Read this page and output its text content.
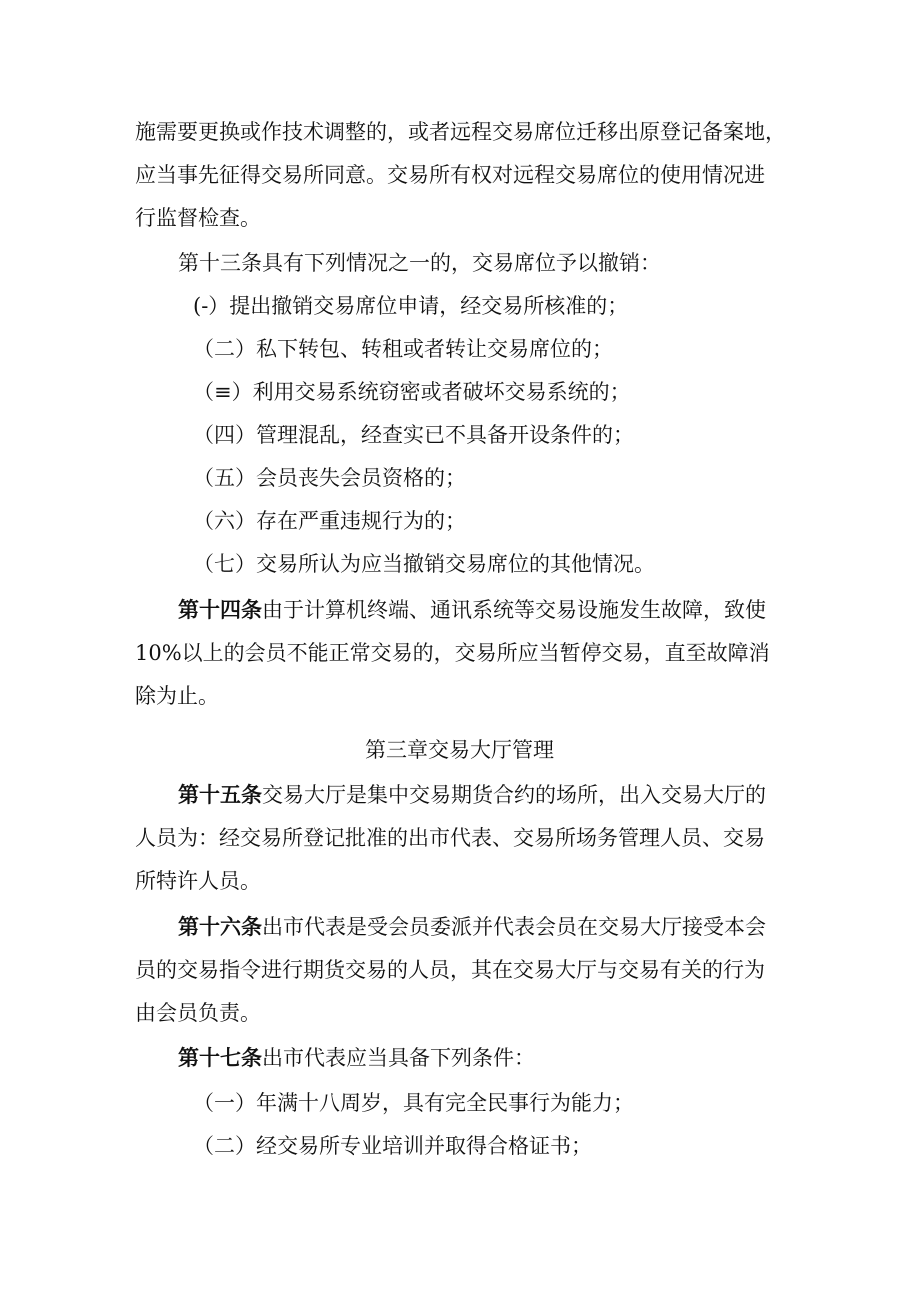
施需要更换或作技术调整的，或者远程交易席位迁移出原登记备案地，
应当事先征得交易所同意。交易所有权对远程交易席位的使用情况进
行监督检查。
第十三条具有下列情况之一的，交易席位予以撤销：
(-）提出撤销交易席位申请，经交易所核准的；
（二）私下转包、转租或者转让交易席位的；
（≡）利用交易系统窃密或者破坏交易系统的；
（四）管理混乱，经查实已不具备开设条件的；
（五）会员丧失会员资格的；
（六）存在严重违规行为的；
（七）交易所认为应当撤销交易席位的其他情况。
第十四条由于计算机终端、通讯系统等交易设施发生故障，致使
10%以上的会员不能正常交易的，交易所应当暂停交易，直至故障消
除为止。
第三章交易大厅管理
第十五条交易大厅是集中交易期货合约的场所，出入交易大厅的
人员为：经交易所登记批准的出市代表、交易所场务管理人员、交易
所特许人员。
第十六条出市代表是受会员委派并代表会员在交易大厅接受本会
员的交易指令进行期货交易的人员，其在交易大厅与交易有关的行为
由会员负责。
第十七条出市代表应当具备下列条件：
（一）年满十八周岁，具有完全民事行为能力；
（二）经交易所专业培训并取得合格证书；
